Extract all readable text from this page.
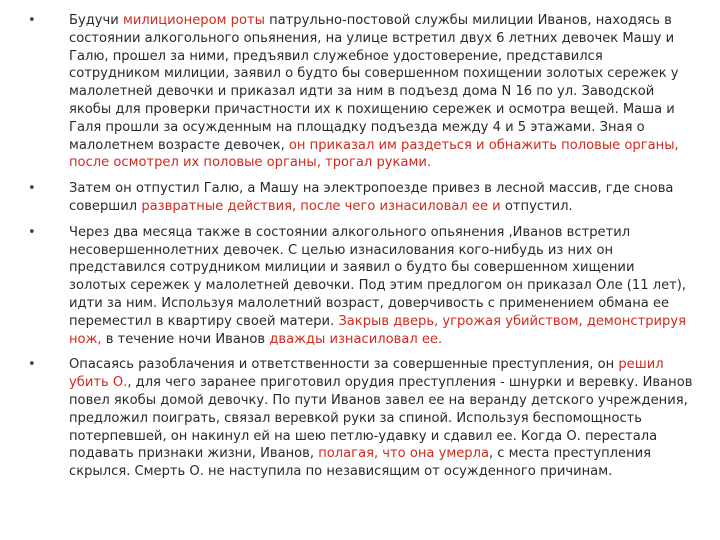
•	Будучи милиционером роты патрульно-постовой службы милиции Иванов, находясь в состоянии алкогольного опьянения, на улице встретил двух 6 летних девочек Машу и Галю, прошел за ними, предъявил служебное удостоверение, представился сотрудником милиции, заявил о будто бы совершенном похищении золотых сережек у малолетней девочки и приказал идти за ним в подъезд дома N 16 по ул. Заводской якобы для проверки причастности их к похищению сережек и осмотра вещей. Маша и Галя прошли за осужденным на площадку подъезда между 4 и 5 этажами. Зная о малолетнем возрасте девочек, он приказал им раздеться и обнажить половые органы, после осмотрел их половые органы, трогал руками.
•	Затем он отпустил Галю, а Машу на электропоезде привез в лесной массив, где снова совершил развратные действия, после чего изнасиловал ее и отпустил.
•	Через два месяца также в состоянии алкогольного опьянения ,Иванов встретил несовершеннолетних девочек. С целью изнасилования кого-нибудь из них он представился сотрудником милиции и заявил о будто бы совершенном хищении золотых сережек у малолетней девочки. Под этим предлогом он приказал Оле (11 лет), идти за ним. Используя малолетний возраст, доверчивость с применением обмана ее переместил в квартиру своей матери. Закрыв дверь, угрожая убийством, демонстрируя нож, в течение ночи Иванов дважды изнасиловал ее.
•	Опасаясь разоблачения и ответственности за совершенные преступления, он решил убить О., для чего заранее приготовил орудия преступления - шнурки и веревку. Иванов повел якобы домой девочку. По пути Иванов завел ее на веранду детского учреждения, предложил поиграть, связал веревкой руки за спиной. Используя беспомощность потерпевшей, он накинул ей на шею петлю-удавку и сдавил ее. Когда О. перестала подавать признаки жизни, Иванов, полагая, что она умерла, с места преступления скрылся. Смерть О. не наступила по независящим от осужденного причинам.
